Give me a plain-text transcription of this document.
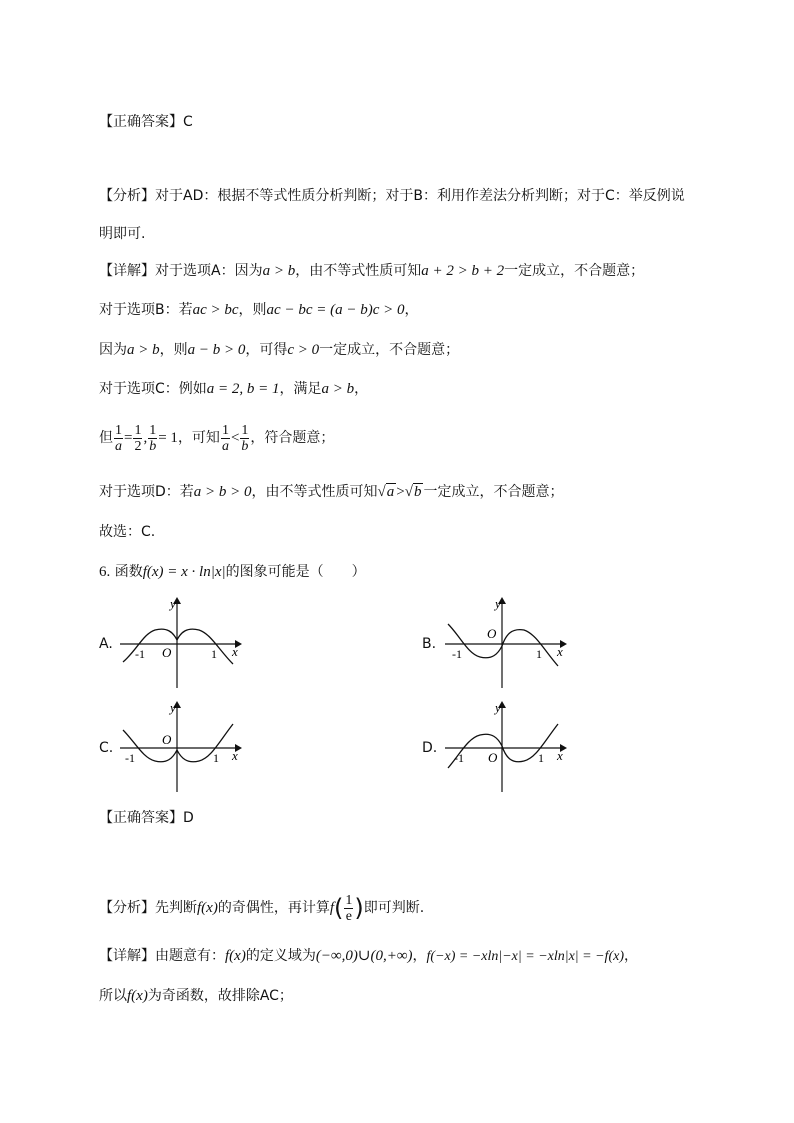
【正确答案】C
【分析】对于AD：根据不等式性质分析判断；对于B：利用作差法分析判断；对于C：举反例说
明即可.
【详解】对于选项A：因为a > b，由不等式性质可知a + 2 > b + 2一定成立，不合题意；
对于选项B：若ac > bc，则ac − bc = (a − b)c > 0，
因为a > b，则a − b > 0，可得c > 0一定成立，不合题意；
对于选项C：例如a = 2, b = 1，满足a > b，
但 $\frac{1}{a} = \frac{1}{2}$ , $\frac{1}{b} = 1$，可知 $\frac{1}{a} < \frac{1}{b}$ ，符合题意；
对于选项D：若a > b > 0，由不等式性质可知√a >√b 一定成立，不合题意；
故选：C.
6. 函数f(x) = x · ln|x|的图象可能是（　　）
A.
y
x
O
-1	1
B.
y
x
O
-1	1
C.
y
x
O
-1	1
D.
y
x
O
-1	1
【正确答案】D
【分析】先判断f(x)的奇偶性，再计算$f( \frac{1}{e}$ )即可判断.
【详解】由题意有：f(x)的定义域为(−∞,0)∪(0,+∞)，f(−x) = −xln|−x| = −xln|x| = −f(x)，
所以f(x)为奇函数，故排除AC；
